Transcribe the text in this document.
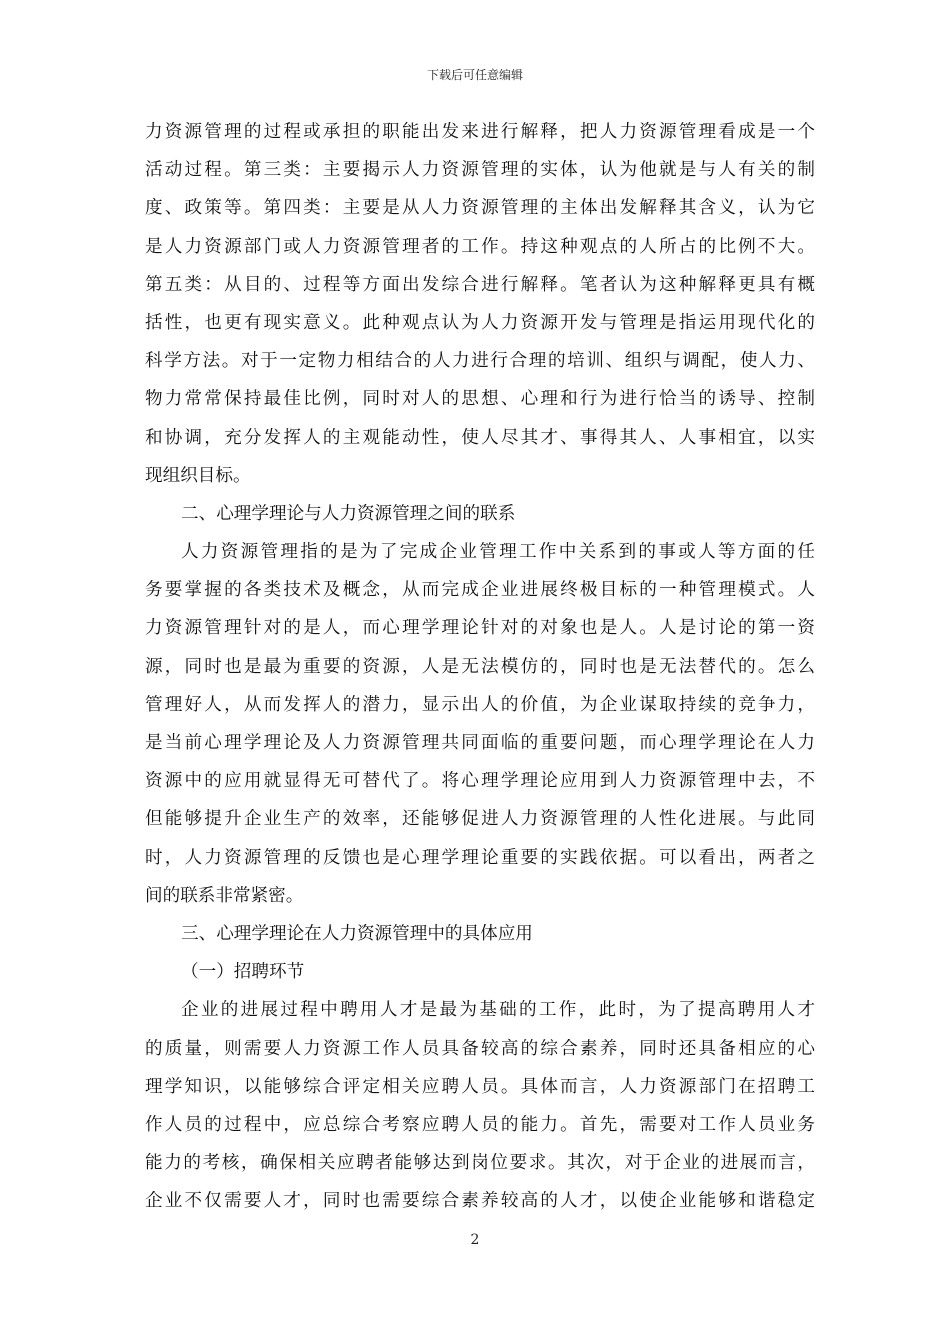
下载后可任意编辑
力资源管理的过程或承担的职能出发来进行解释，把人力资源管理看成是一个
活动过程。第三类：主要揭示人力资源管理的实体，认为他就是与人有关的制
度、政策等。第四类：主要是从人力资源管理的主体出发解释其含义，认为它
是人力资源部门或人力资源管理者的工作。持这种观点的人所占的比例不大。
第五类：从目的、过程等方面出发综合进行解释。笔者认为这种解释更具有概
括性，也更有现实意义。此种观点认为人力资源开发与管理是指运用现代化的
科学方法。对于一定物力相结合的人力进行合理的培训、组织与调配，使人力、
物力常常保持最佳比例，同时对人的思想、心理和行为进行恰当的诱导、控制
和协调，充分发挥人的主观能动性，使人尽其才、事得其人、人事相宜，以实
现组织目标。
二、心理学理论与人力资源管理之间的联系
人力资源管理指的是为了完成企业管理工作中关系到的事或人等方面的任
务要掌握的各类技术及概念，从而完成企业进展终极目标的一种管理模式。人
力资源管理针对的是人，而心理学理论针对的对象也是人。人是讨论的第一资
源，同时也是最为重要的资源，人是无法模仿的，同时也是无法替代的。怎么
管理好人，从而发挥人的潜力，显示出人的价值，为企业谋取持续的竞争力，
是当前心理学理论及人力资源管理共同面临的重要问题，而心理学理论在人力
资源中的应用就显得无可替代了。将心理学理论应用到人力资源管理中去，不
但能够提升企业生产的效率，还能够促进人力资源管理的人性化进展。与此同
时，人力资源管理的反馈也是心理学理论重要的实践依据。可以看出，两者之
间的联系非常紧密。
三、心理学理论在人力资源管理中的具体应用
（一）招聘环节
企业的进展过程中聘用人才是最为基础的工作，此时，为了提高聘用人才
的质量，则需要人力资源工作人员具备较高的综合素养，同时还具备相应的心
理学知识，以能够综合评定相关应聘人员。具体而言，人力资源部门在招聘工
作人员的过程中，应总综合考察应聘人员的能力。首先，需要对工作人员业务
能力的考核，确保相关应聘者能够达到岗位要求。其次，对于企业的进展而言，
企业不仅需要人才，同时也需要综合素养较高的人才，以使企业能够和谐稳定
2
